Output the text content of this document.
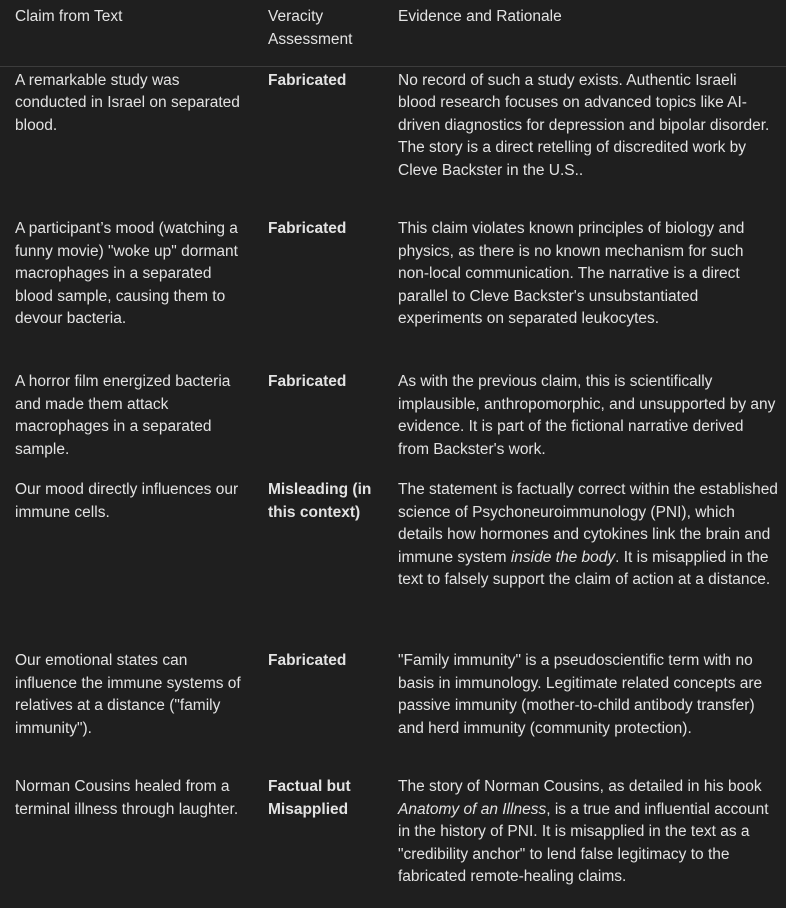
Claim from Text	Veracity Assessment	Evidence and Rationale
A remarkable study was conducted in Israel on separated blood.	Fabricated	No record of such a study exists. Authentic Israeli blood research focuses on advanced topics like AI-driven diagnostics for depression and bipolar disorder. The story is a direct retelling of discredited work by Cleve Backster in the U.S..
A participant’s mood (watching a funny movie) "woke up" dormant macrophages in a separated blood sample, causing them to devour bacteria.	Fabricated	This claim violates known principles of biology and physics, as there is no known mechanism for such non-local communication. The narrative is a direct parallel to Cleve Backster's unsubstantiated experiments on separated leukocytes.
A horror film energized bacteria and made them attack macrophages in a separated sample.	Fabricated	As with the previous claim, this is scientifically implausible, anthropomorphic, and unsupported by any evidence. It is part of the fictional narrative derived from Backster's work.
Our mood directly influences our immune cells.	Misleading (in this context)	The statement is factually correct within the established science of Psychoneuroimmunology (PNI), which details how hormones and cytokines link the brain and immune system inside the body. It is misapplied in the text to falsely support the claim of action at a distance.
Our emotional states can influence the immune systems of relatives at a distance ("family immunity").	Fabricated	"Family immunity" is a pseudoscientific term with no basis in immunology. Legitimate related concepts are passive immunity (mother-to-child antibody transfer) and herd immunity (community protection).
Norman Cousins healed from a terminal illness through laughter.	Factual but Misapplied	The story of Norman Cousins, as detailed in his book Anatomy of an Illness, is a true and influential account in the history of PNI. It is misapplied in the text as a "credibility anchor" to lend false legitimacy to the fabricated remote-healing claims.
